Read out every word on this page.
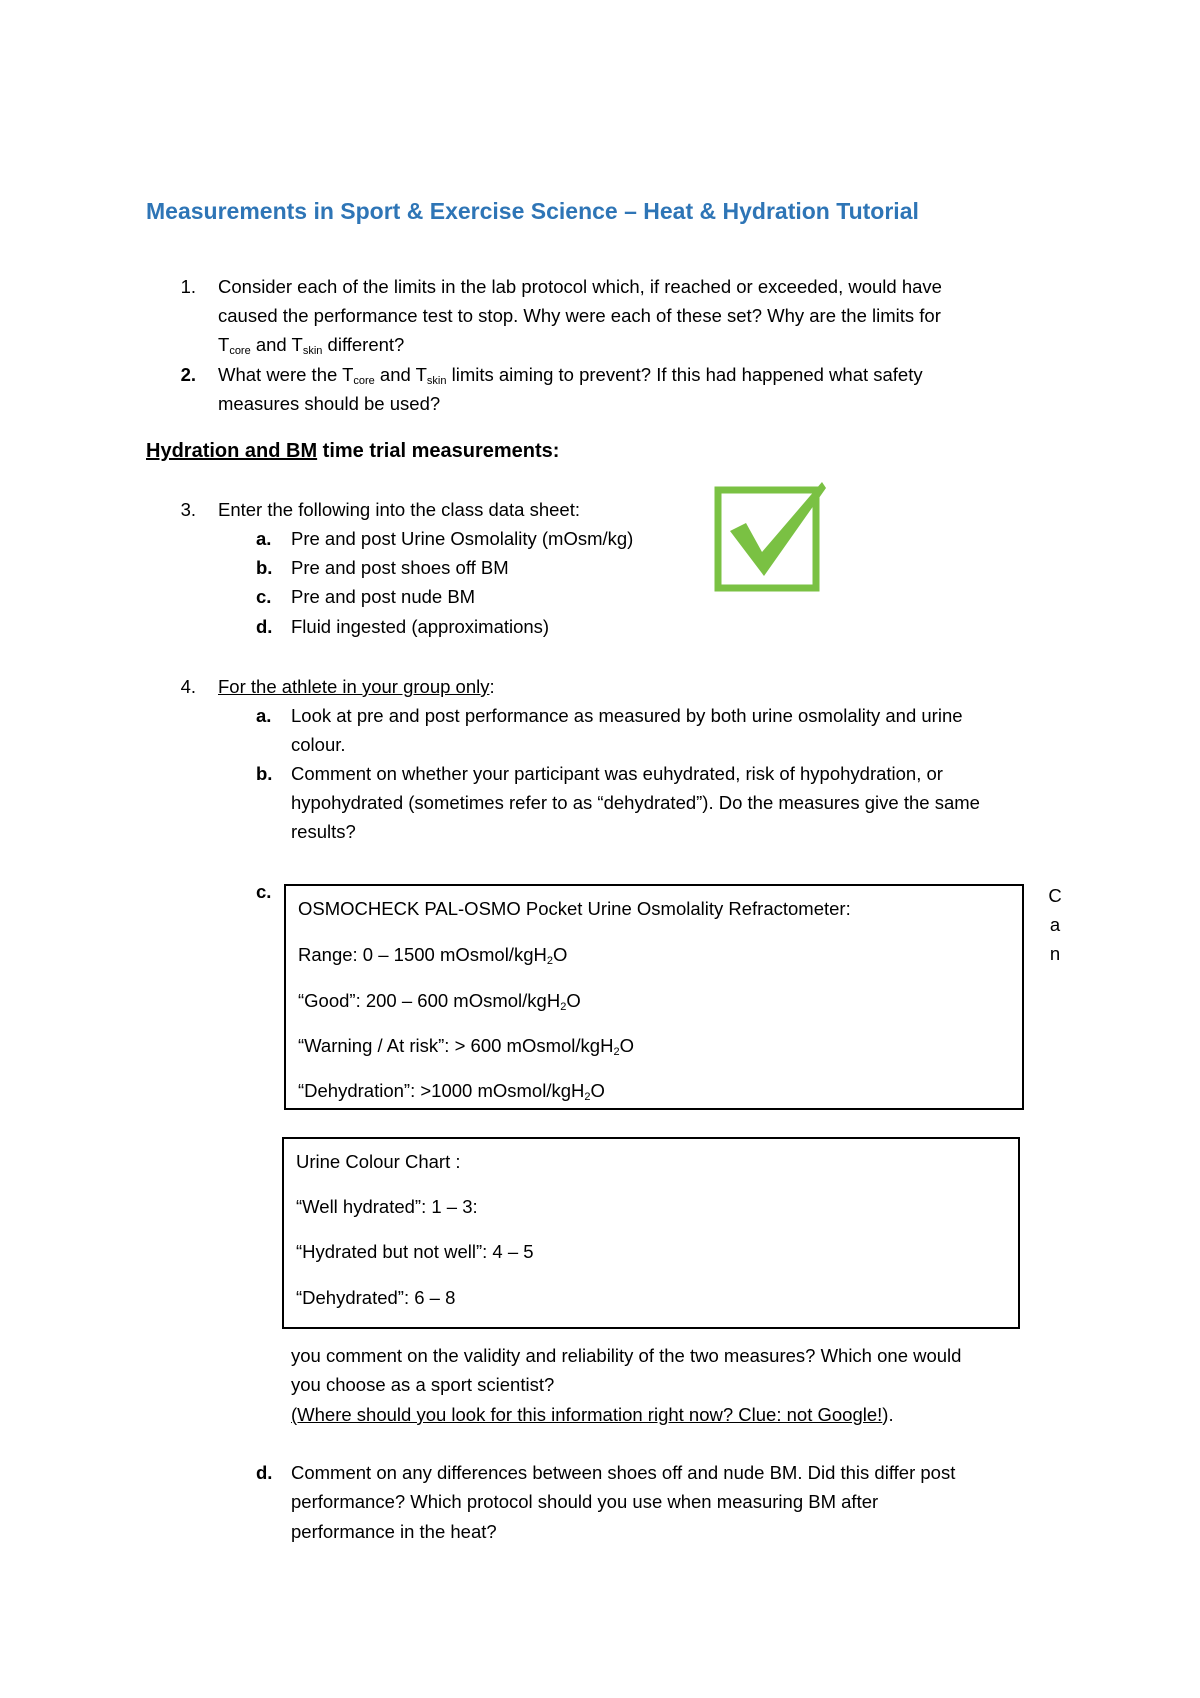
Measurements in Sport & Exercise Science – Heat & Hydration Tutorial
1. Consider each of the limits in the lab protocol which, if reached or exceeded, would have
caused the performance test to stop. Why were each of these set? Why are the limits for
$T_{core}$ and $T_{skin}$ different?
2. What were the $T_{core}$ and $T_{skin}$ limits aiming to prevent? If this had happened what safety
measures should be used?
Hydration and BM time trial measurements:
3. Enter the following into the class data sheet:
a. Pre and post Urine Osmolality (mOsm/kg)
b. Pre and post shoes off BM
c. Pre and post nude BM
d. Fluid ingested (approximations)
4. For the athlete in your group only:
a. Look at pre and post performance as measured by both urine osmolality and urine
colour.
b. Comment on whether your participant was euhydrated, risk of hypohydration, or
hypohydrated (sometimes refer to as “dehydrated”). Do the measures give the same
results?
c.	C
a
n
OSMOCHECK PAL-OSMO Pocket Urine Osmolality Refractometer:
Range: 0 – 1500 mOsmol/kgH$_2$O
“Good”: 200 – 600 mOsmol/kgH$_2$O
“Warning / At risk”: > 600 mOsmol/kgH$_2$O
“Dehydration”: >1000 mOsmol/kgH$_2$O
Urine Colour Chart :
“Well hydrated”: 1 – 3:
“Hydrated but not well”: 4 – 5
“Dehydrated”: 6 – 8
you comment on the validity and reliability of the two measures? Which one would
you choose as a sport scientist?
(Where should you look for this information right now? Clue: not Google!).
d. Comment on any differences between shoes off and nude BM. Did this differ post
performance? Which protocol should you use when measuring BM after
performance in the heat?
